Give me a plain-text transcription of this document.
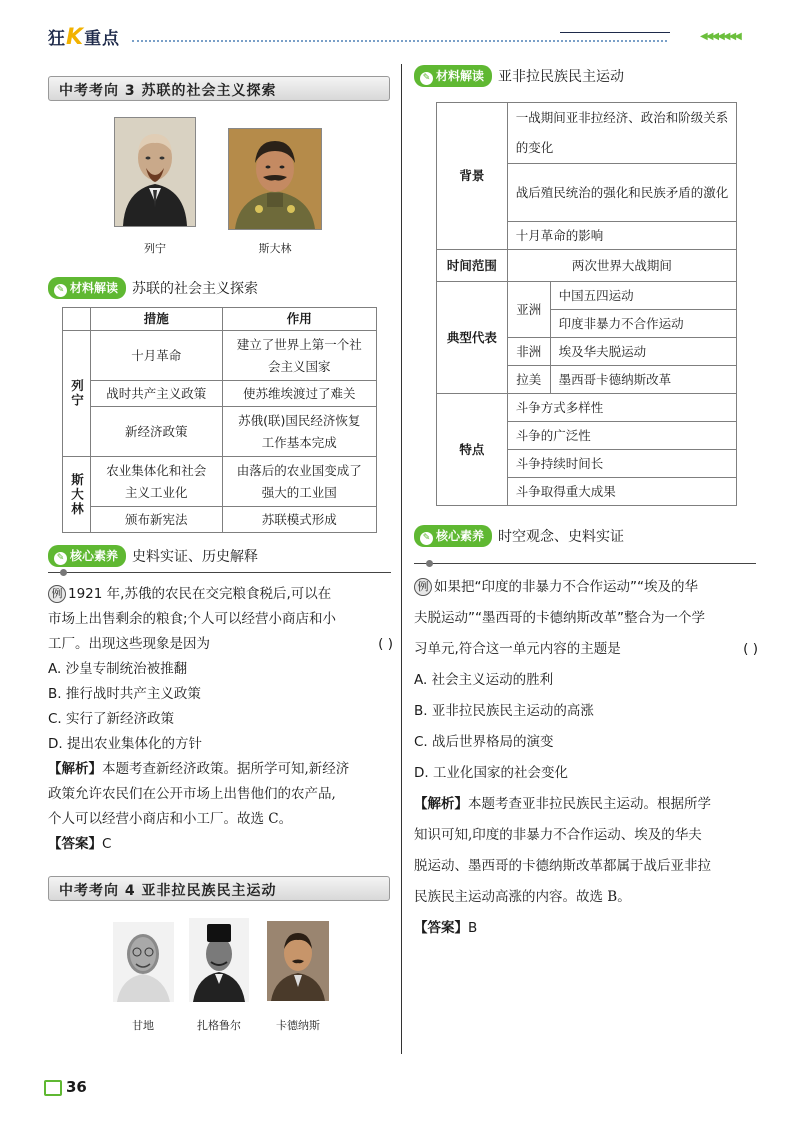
狂K重点	◀◀◀◀◀◀◀
中考考向 3 苏联的社会主义探索
列宁	斯大林
✎ 材料解读 苏联的社会主义探索
	措施	作用
列宁	十月革命	建立了世界上第一个社会主义国家
	战时共产主义政策	使苏维埃渡过了难关
	新经济政策	苏俄(联)国民经济恢复工作基本完成
斯大林	农业集体化和社会主义工业化	由落后的农业国变成了强大的工业国
	颁布新宪法	苏联模式形成
✎ 核心素养 史料实证、历史解释

例 1921 年,苏俄的农民在交完粮食税后,可以在

市场上出售剩余的粮食;个人可以经营小商店和小

工厂。出现这些现象是因为	( )

A. 沙皇专制统治被推翻

B. 推行战时共产主义政策

C. 实行了新经济政策

D. 提出农业集体化的方针

【解析】本题考查新经济政策。据所学可知,新经济

政策允许农民们在公开市场上出售他们的农产品,

个人可以经营小商店和小工厂。故选 C。

【答案】C

中考考向 4 亚非拉民族民主运动
甘地	扎格鲁尔	卡德纳斯
✎ 材料解读 亚非拉民族民主运动
背景	一战期间亚非拉经济、政治和阶级关系的变化	
	战后殖民统治的强化和民族矛盾的激化	
	十月革命的影响	
时间范围	两次世界大战期间	
典型代表	亚洲	中国五四运动
		印度非暴力不合作运动
	非洲	埃及华夫脱运动
	拉美	墨西哥卡德纳斯改革
特点	斗争方式多样性	
	斗争的广泛性	
	斗争持续时间长	
	斗争取得重大成果	
✎ 核心素养 时空观念、史料实证

例 如果把“印度的非暴力不合作运动”“埃及的华

夫脱运动”“墨西哥的卡德纳斯改革”整合为一个学

习单元,符合这一单元内容的主题是	( )

A. 社会主义运动的胜利

B. 亚非拉民族民主运动的高涨

C. 战后世界格局的演变

D. 工业化国家的社会变化

【解析】本题考查亚非拉民族民主运动。根据所学

知识可知,印度的非暴力不合作运动、埃及的华夫

脱运动、墨西哥的卡德纳斯改革都属于战后亚非拉

民族民主运动高涨的内容。故选 B。

【答案】B

36
